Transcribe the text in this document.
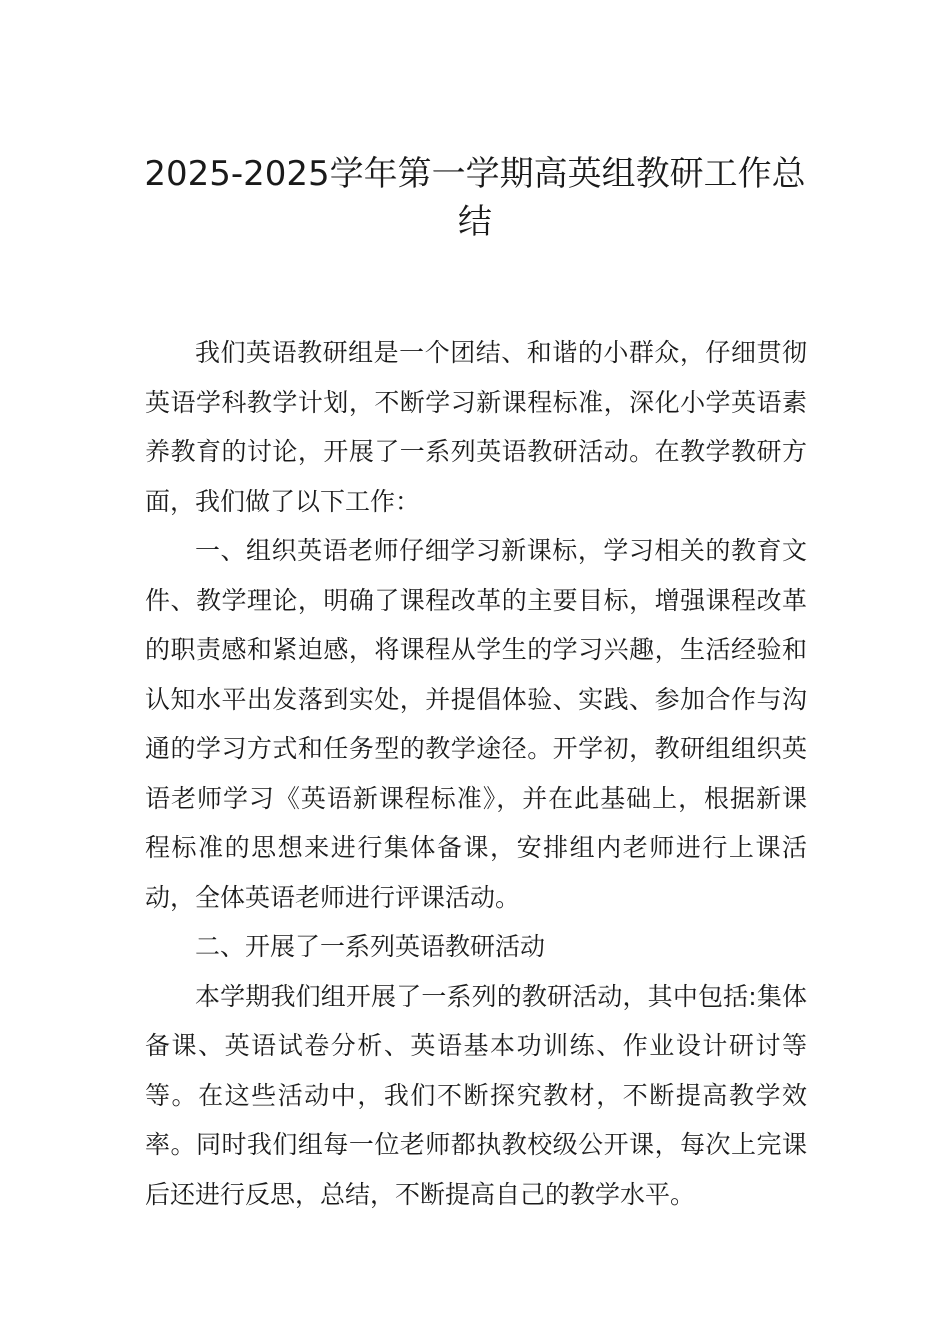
2025-2025学年第一学期高英组教研工作总结

我们英语教研组是一个团结、和谐的小群众，仔细贯彻英语学科教学计划，不断学习新课程标准，深化小学英语素养教育的讨论，开展了一系列英语教研活动。在教学教研方面，我们做了以下工作：

一、组织英语老师仔细学习新课标，学习相关的教育文件、教学理论，明确了课程改革的主要目标，增强课程改革的职责感和紧迫感，将课程从学生的学习兴趣，生活经验和认知水平出发落到实处，并提倡体验、实践、参加合作与沟通的学习方式和任务型的教学途径。开学初，教研组组织英语老师学习《英语新课程标准》，并在此基础上，根据新课程标准的思想来进行集体备课，安排组内老师进行上课活动，全体英语老师进行评课活动。

二、开展了一系列英语教研活动

本学期我们组开展了一系列的教研活动，其中包括:集体备课、英语试卷分析、英语基本功训练、作业设计研讨等等。在这些活动中，我们不断探究教材，不断提高教学效率。同时我们组每一位老师都执教校级公开课，每次上完课后还进行反思，总结，不断提高自己的教学水平。
